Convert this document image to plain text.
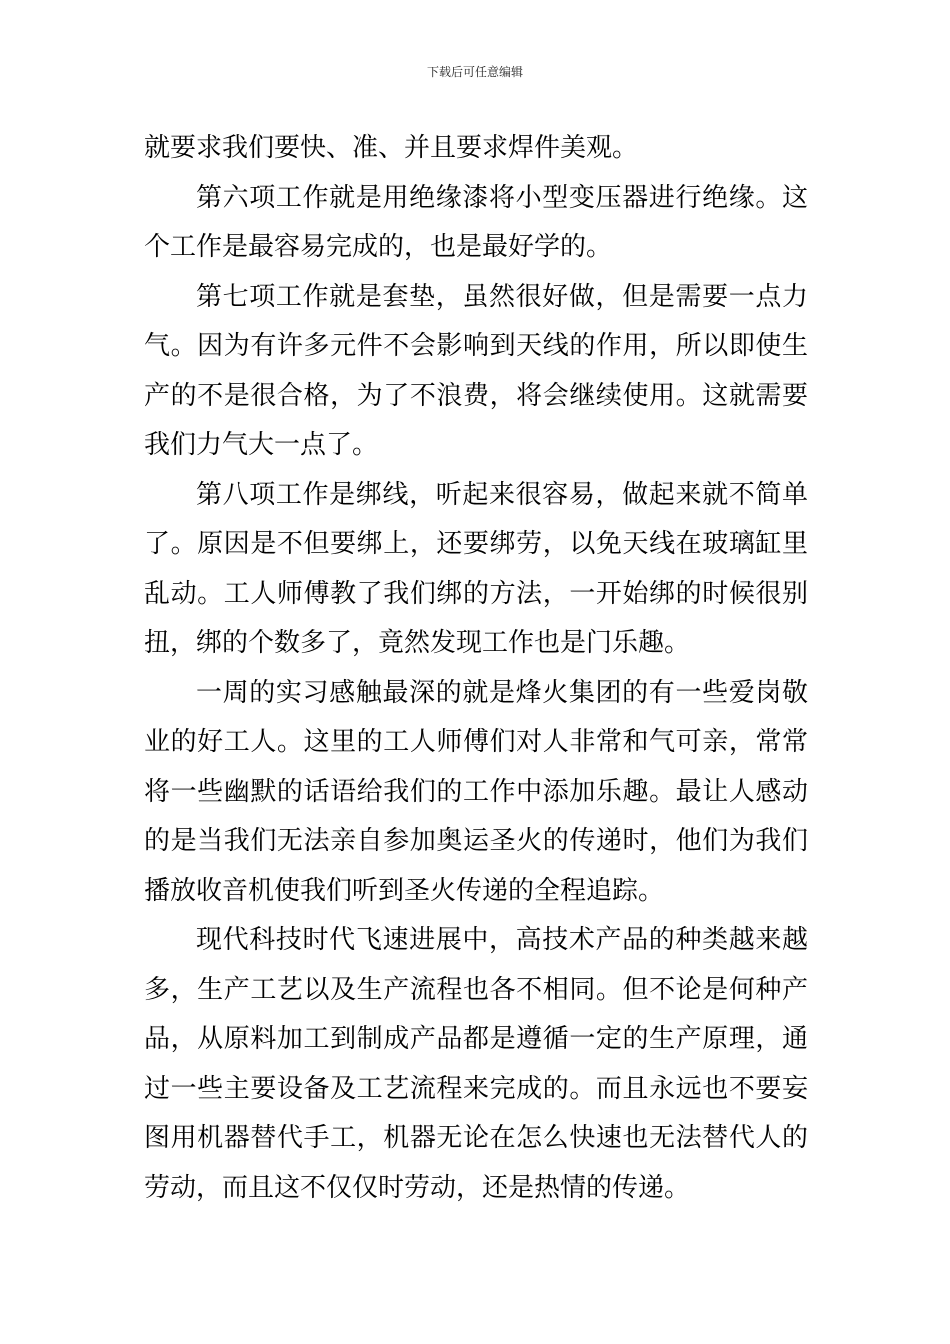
下载后可任意编辑

就要求我们要快、准、并且要求焊件美观。

第六项工作就是用绝缘漆将小型变压器进行绝缘。这个工作是最容易完成的，也是最好学的。

第七项工作就是套垫，虽然很好做，但是需要一点力气。因为有许多元件不会影响到天线的作用，所以即使生产的不是很合格，为了不浪费，将会继续使用。这就需要我们力气大一点了。

第八项工作是绑线，听起来很容易，做起来就不简单了。原因是不但要绑上，还要绑劳，以免天线在玻璃缸里乱动。工人师傅教了我们绑的方法，一开始绑的时候很别扭，绑的个数多了，竟然发现工作也是门乐趣。

一周的实习感触最深的就是烽火集团的有一些爱岗敬业的好工人。这里的工人师傅们对人非常和气可亲，常常将一些幽默的话语给我们的工作中添加乐趣。最让人感动的是当我们无法亲自参加奥运圣火的传递时，他们为我们播放收音机使我们听到圣火传递的全程追踪。

现代科技时代飞速进展中，高技术产品的种类越来越多，生产工艺以及生产流程也各不相同。但不论是何种产品，从原料加工到制成产品都是遵循一定的生产原理，通过一些主要设备及工艺流程来完成的。而且永远也不要妄图用机器替代手工，机器无论在怎么快速也无法替代人的劳动，而且这不仅仅时劳动，还是热情的传递。
